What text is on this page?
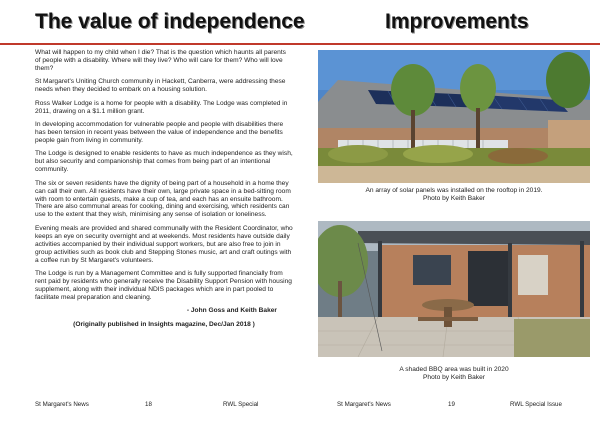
The value of independence

What will happen to my child when I die? That is the question which haunts all parents of people with a disability. Where will they live? Who will care for them? Who will love them?

St Margaret's Uniting Church community in Hackett, Canberra, were addressing these needs when they decided to embark on a housing solution.

Ross Walker Lodge is a home for people with a disability. The Lodge was completed in 2011, drawing on a $1.1 million grant.

In developing accommodation for vulnerable people and people with disabilities there has been tension in recent yeas between the value of independence and the benefits people gain from living in community.

The Lodge is designed to enable residents to have as much independence as they wish, but also security and companionship that comes from being part of an intentional community.

The six or seven residents have the dignity of being part of a household in a home they can call their own. All residents have their own, large private space in a bed-sitting room with room to entertain guests, make a cup of tea, and each has an ensuite bathroom. There are also communal areas for cooking, dining and exercising, which residents can use to the extent that they wish, minimising any sense of isolation or loneliness.

Evening meals are provided and shared communally with the Resident Coordinator, who keeps an eye on security overnight and at weekends. Most residents have outside daily activities accompanied by their individual support workers, but are also free to join in group activities such as book club and Stepping Stones music, art and craft outings with a coffee run by St Margaret's volunteers.

The Lodge is run by a Management Committee and is fully supported financially from rent paid by residents who generally receive the Disability Support Pension with housing supplement, along with their individual NDIS packages which are in part pooled to facilitate meal preparation and cleaning.

- John Goss and Keith Baker

(Originally published in Insights magazine, Dec/Jan 2018 )

St Margaret's News	18	RWL Special
Improvements
An array of solar panels was installed on the rooftop in 2019.
Photo by Keith Baker
A shaded BBQ area was built in 2020
Photo by Keith Baker
St Margaret's News	19	RWL Special Issue
